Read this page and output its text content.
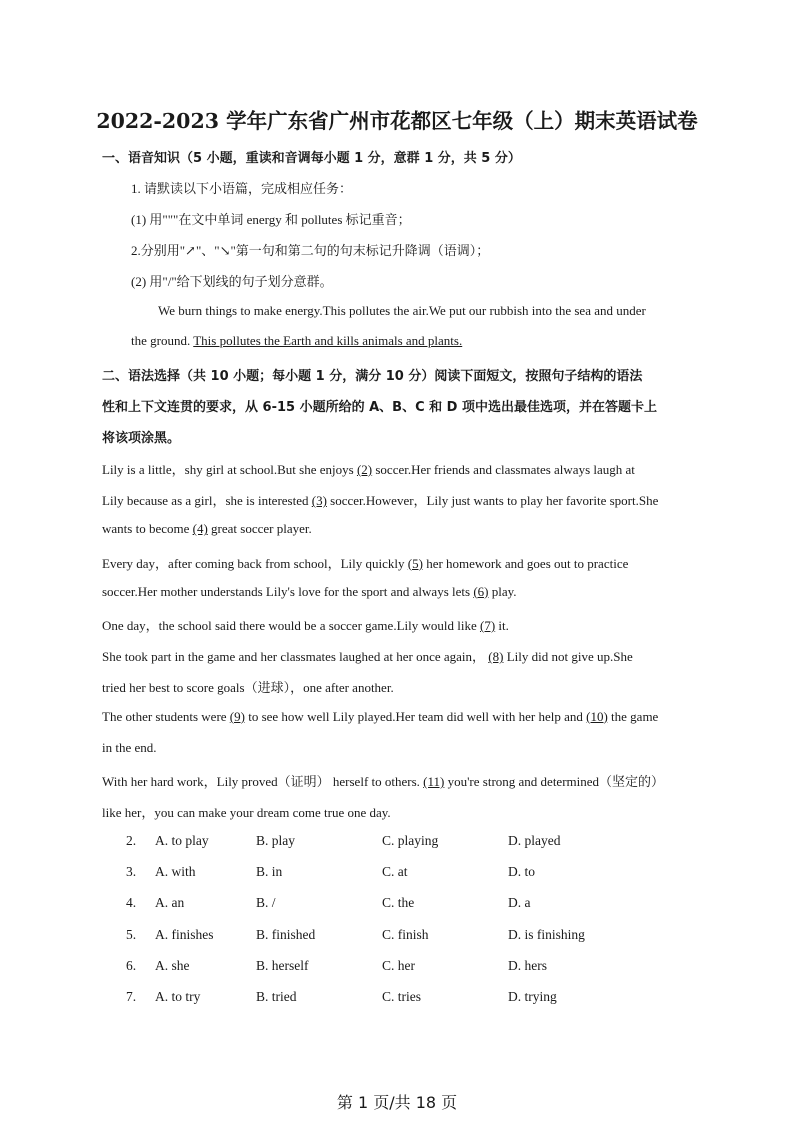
2022-2023 学年广东省广州市花都区七年级（上）期末英语试卷
一、语音知识（5 小题，重读和音调每小题 1 分，意群 1 分，共 5 分）
1. 请默读以下小语篇，完成相应任务：
(1) 用"""在文中单词 energy 和 pollutes 标记重音；
2.分别用"↗"、"↘"第一句和第二句的句末标记升降调（语调）；
(2) 用"/"给下划线的句子划分意群。
We burn things to make energy.This pollutes the air.We put our rubbish into the sea and under
the ground. This pollutes the Earth and kills animals and plants.
二、语法选择（共 10 小题；每小题 1 分，满分 10 分）阅读下面短文，按照句子结构的语法
性和上下文连贯的要求，从 6-15 小题所给的 A、B、C 和 D 项中选出最佳选项，并在答题卡上
将该项涂黑。
Lily is a little，shy girl at school.But she enjoys (2) soccer.Her friends and classmates always laugh at
Lily because as a girl，she is interested (3) soccer.However，Lily just wants to play her favorite sport.She
wants to become (4) great soccer player.
Every day，after coming back from school，Lily quickly (5) her homework and goes out to practice
soccer.Her mother understands Lily's love for the sport and always lets (6) play.
One day，the school said there would be a soccer game.Lily would like (7) it.
She took part in the game and her classmates laughed at her once again， (8) Lily did not give up.She
tried her best to score goals（进球），one after another.
The other students were (9) to see how well Lily played.Her team did well with her help and (10) the game
in the end.
With her hard work，Lily proved（证明） herself to others. (11) you're strong and determined（坚定的）
like her，you can make your dream come true one day.
2. A. to play	B. play	C. playing	D. played
3. A. with	B. in	C. at	D. to
4. A. an	B. /	C. the	D. a
5. A. finishes	B. finished	C. finish	D. is finishing
6. A. she	B. herself	C. her	D. hers
7. A. to try	B. tried	C. tries	D. trying
第 1 页/共 18 页
